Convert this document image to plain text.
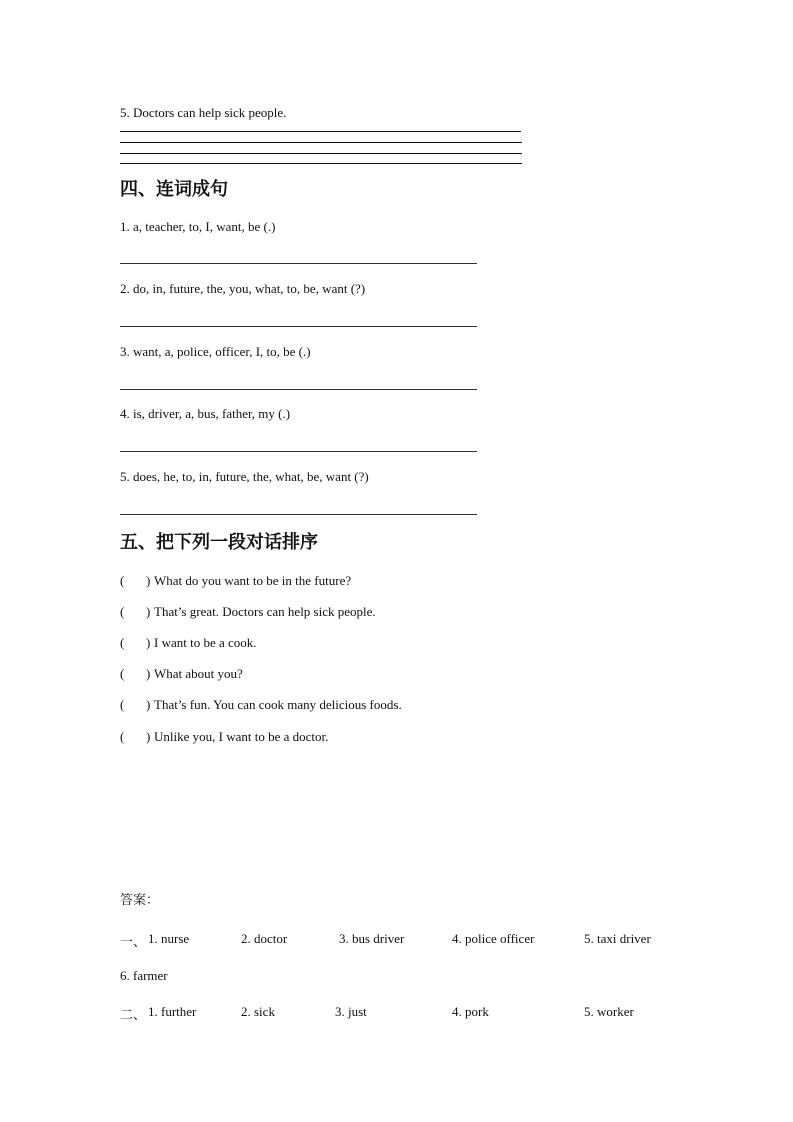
5. Doctors can help sick people.
四、连词成句
1. a, teacher, to, I, want, be (.)
2. do, in, future, the, you, what, to, be, want (?)
3. want, a, police, officer, I, to, be (.)
4. is, driver, a, bus, father, my (.)
5. does, he, to, in, future, the, what, be, want (?)
五、把下列一段对话排序
( ) What do you want to be in the future?
( ) That’s great. Doctors can help sick people.
( ) I want to be a cook.
( ) What about you?
( ) That’s fun. You can cook many delicious foods.
( ) Unlike you, I want to be a doctor.
答案：
一、 1. nurse	2. doctor	3. bus driver	4. police officer	5. taxi driver
6. farmer
二、 1. further	2. sick	3. just	4. pork	5. worker
